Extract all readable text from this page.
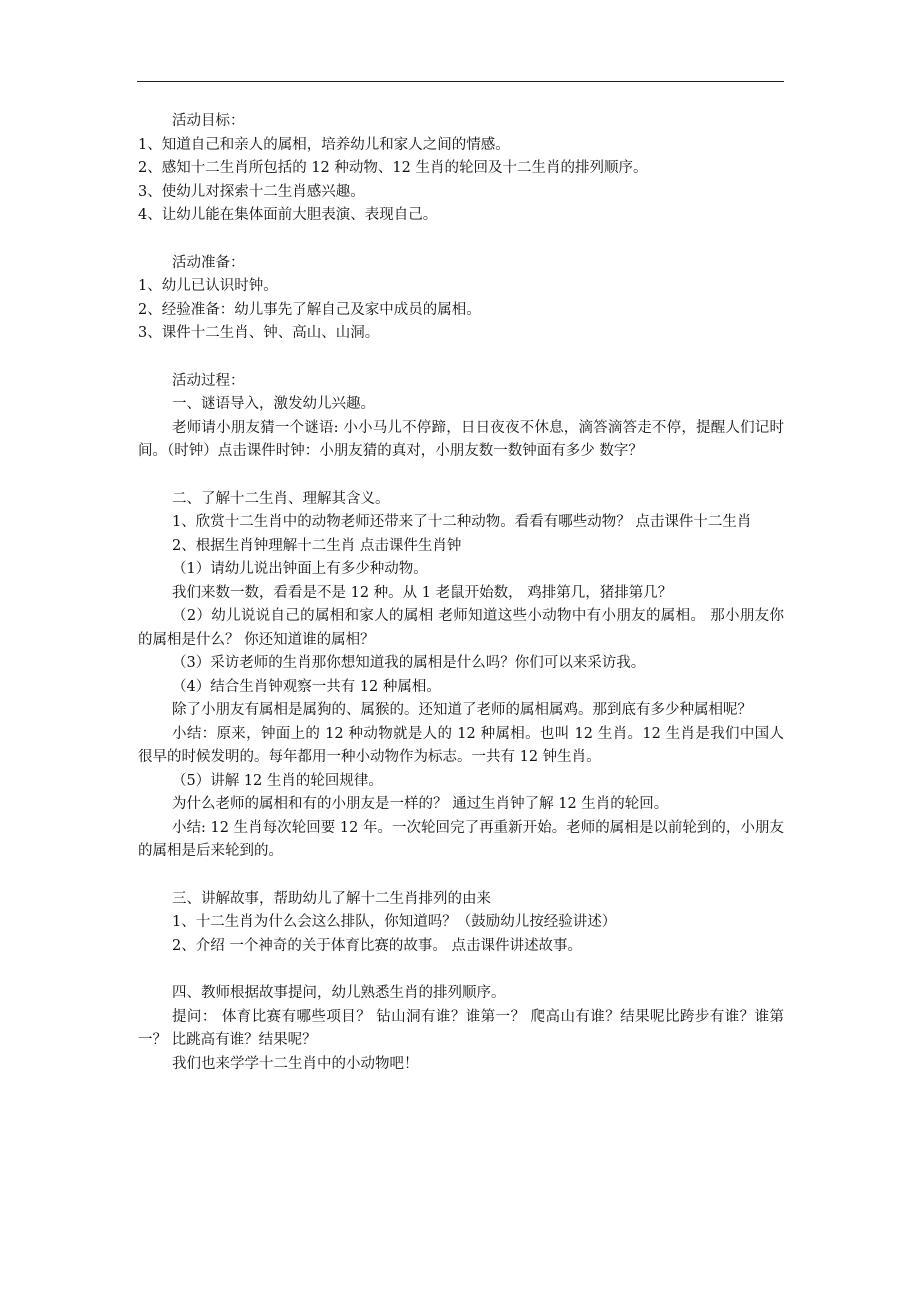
活动目标：
1、知道自己和亲人的属相，培养幼儿和家人之间的情感。
2、感知十二生肖所包括的 12 种动物、12 生肖的轮回及十二生肖的排列顺序。
3、使幼儿对探索十二生肖感兴趣。
4、让幼儿能在集体面前大胆表演、表现自己。
活动准备：
1、幼儿已认识时钟。
2、经验准备：幼儿事先了解自己及家中成员的属相。
3、课件十二生肖、钟、高山、山洞。
活动过程：
一、谜语导入，激发幼儿兴趣。
老师请小朋友猜一个谜语: 小小马儿不停蹄，日日夜夜不休息，滴答滴答走不停，提醒人们记时间。（时钟）点击课件时钟：小朋友猜的真对，小朋友数一数钟面有多少 数字？
二、了解十二生肖、理解其含义。
1、欣赏十二生肖中的动物老师还带来了十二种动物。看看有哪些动物？ 点击课件十二生肖
2、根据生肖钟理解十二生肖 点击课件生肖钟
（1）请幼儿说出钟面上有多少种动物。
我们来数一数，看看是不是 12 种。从 1 老鼠开始数， 鸡排第几，猪排第几？
（2）幼儿说说自己的属相和家人的属相 老师知道这些小动物中有小朋友的属相。 那小朋友你的属相是什么？ 你还知道谁的属相？
（3）采访老师的生肖那你想知道我的属相是什么吗？你们可以来采访我。
（4）结合生肖钟观察一共有 12 种属相。
除了小朋友有属相是属狗的、属猴的。还知道了老师的属相属鸡。那到底有多少种属相呢？
小结：原来，钟面上的 12 种动物就是人的 12 种属相。也叫 12 生肖。12 生肖是我们中国人很早的时候发明的。每年都用一种小动物作为标志。一共有 12 钟生肖。
（5）讲解 12 生肖的轮回规律。
为什么老师的属相和有的小朋友是一样的？ 通过生肖钟了解 12 生肖的轮回。
小结: 12 生肖每次轮回要 12 年。一次轮回完了再重新开始。老师的属相是以前轮到的，小朋友的属相是后来轮到的。
三、讲解故事，帮助幼儿了解十二生肖排列的由来
1、十二生肖为什么会这么排队，你知道吗？（鼓励幼儿按经验讲述）
2、介绍 一个神奇的关于体育比赛的故事。 点击课件讲述故事。
四、教师根据故事提问，幼儿熟悉生肖的排列顺序。
提问： 体育比赛有哪些项目？ 钻山洞有谁？谁第一？ 爬高山有谁？结果呢比跨步有谁？谁第一？ 比跳高有谁？结果呢？
我们也来学学十二生肖中的小动物吧！
